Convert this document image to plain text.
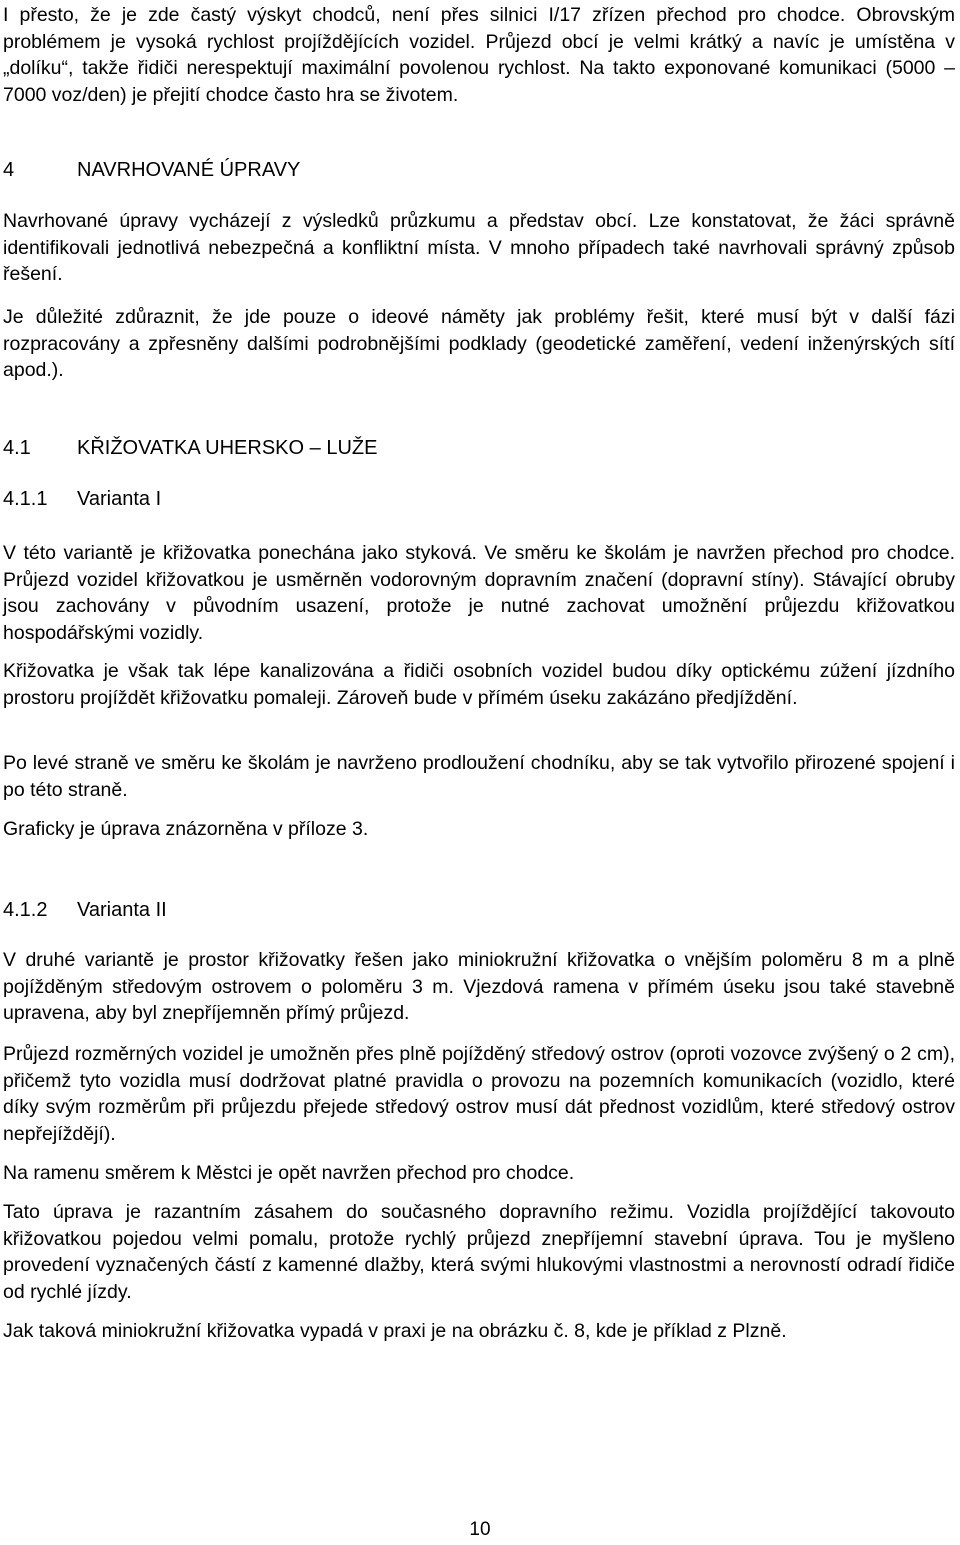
I přesto, že je zde častý výskyt chodců, není přes silnici I/17 zřízen přechod pro chodce. Obrovským problémem je vysoká rychlost projíždějících vozidel. Průjezd obcí je velmi krátký a navíc je umístěna v „dolíku“, takže řidiči nerespektují maximální povolenou rychlost. Na takto exponované komunikaci (5000 – 7000 voz/den) je přejití chodce často hra se životem.

4	NAVRHOVANÉ ÚPRAVY

Navrhované úpravy vycházejí z výsledků průzkumu a představ obcí. Lze konstatovat, že žáci správně identifikovali jednotlivá nebezpečná a konfliktní místa. V mnoho případech také navrhovali správný způsob řešení.

Je důležité zdůraznit, že jde pouze o ideové náměty jak problémy řešit, které musí být v další fázi rozpracovány a zpřesněny dalšími podrobnějšími podklady (geodetické zaměření, vedení inženýrských sítí apod.).

4.1 KŘIŽOVATKA UHERSKO – LUŽE
4.1.1 Varianta I

V této variantě je křižovatka ponechána jako styková. Ve směru ke školám je navržen přechod pro chodce. Průjezd vozidel křižovatkou je usměrněn vodorovným dopravním značení (dopravní stíny). Stávající obruby jsou zachovány v původním usazení, protože je nutné zachovat umožnění průjezdu křižovatkou hospodářskými vozidly.

Křižovatka je však tak lépe kanalizována a řidiči osobních vozidel budou díky optickému zúžení jízdního prostoru projíždět křižovatku pomaleji. Zároveň bude v přímém úseku zakázáno předjíždění.

Po levé straně ve směru ke školám je navrženo prodloužení chodníku, aby se tak vytvořilo přirozené spojení i po této straně.

Graficky je úprava znázorněna v příloze 3.

4.1.2 Varianta II

V druhé variantě je prostor křižovatky řešen jako miniokružní křižovatka o vnějším poloměru 8 m a plně pojížděným středovým ostrovem o poloměru 3 m. Vjezdová ramena v přímém úseku jsou také stavebně upravena, aby byl znepříjemněn přímý průjezd.

Průjezd rozměrných vozidel je umožněn přes plně pojížděný středový ostrov (oproti vozovce zvýšený o 2 cm), přičemž tyto vozidla musí dodržovat platné pravidla o provozu na pozemních komunikacích (vozidlo, které díky svým rozměrům při průjezdu přejede středový ostrov musí dát přednost vozidlům, které středový ostrov nepřejíždějí).

Na ramenu směrem k Městci je opět navržen přechod pro chodce.

Tato úprava je razantním zásahem do současného dopravního režimu. Vozidla projíždějící takovouto křižovatkou pojedou velmi pomalu, protože rychlý průjezd znepříjemní stavební úprava. Tou je myšleno provedení vyznačených částí z kamenné dlažby, která svými hlukovými vlastnostmi a nerovností odradí řidiče od rychlé jízdy.

Jak taková miniokružní křižovatka vypadá v praxi je na obrázku č. 8, kde je příklad z Plzně.

10
